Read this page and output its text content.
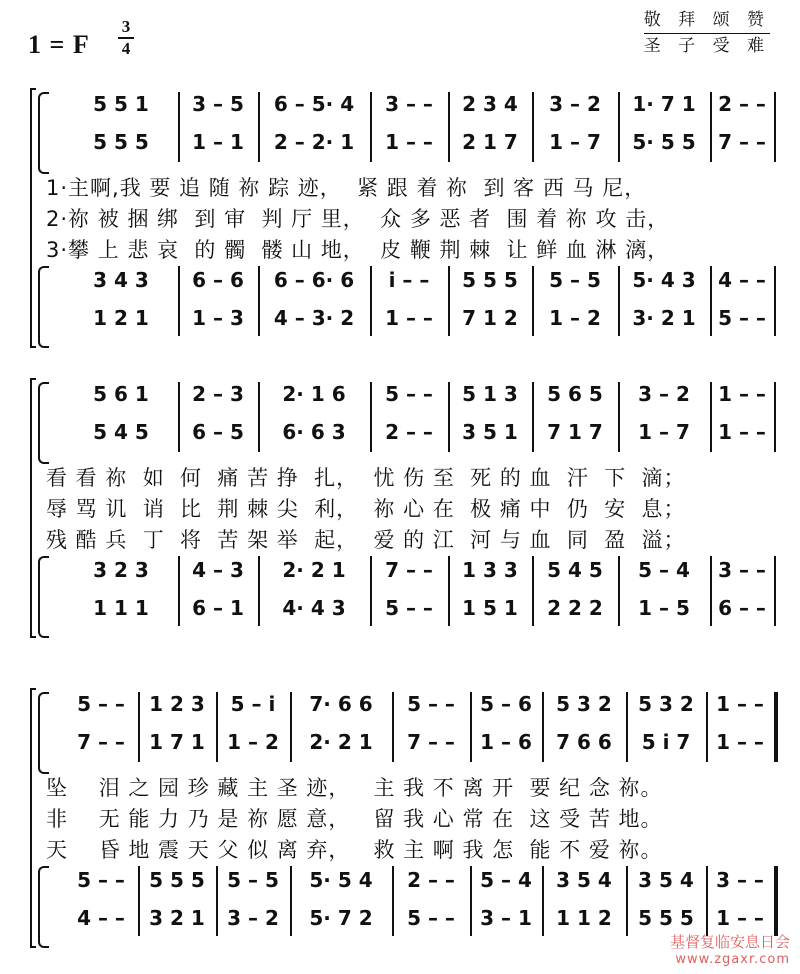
1 = F
3
4
敬 拜 颂 赞
圣 子 受 难
5 5 1	3 – 5	6 – 5· 4	3 – –	2 3 4	3 – 2	1· 7 1	2 – –
5 5 5	1 – 1	2 – 2· 1	1 – –	2 1 7	1 – 7	5· 5 5	7 – –
3 4 3	6 – 6	6 – 6· 6	i – –	5 5 5	5 – 5	5· 4 3	4 – –
1 2 1	1 – 3	4 – 3· 2	1 – –	7 1 2	1 – 2	3· 2 1	5 – –
1·主啊,我 要 追 随 祢 踪 迹，  紧 跟 着 祢  到 客 西 马 尼，
2·祢 被 捆 绑  到 审  判 厅 里，  众 多 恶 者  围 着 祢 攻 击，
3·攀 上 悲 哀  的 髑  髅 山 地，  皮 鞭 荆 棘  让 鲜 血 淋 漓，
5 6 1	2 – 3	2· 1 6	5 – –	5 1 3	5 6 5	3 – 2	1 – –
5 4 5	6 – 5	6· 6 3	2 – –	3 5 1	7 1 7	1 – 7	1 – –
3 2 3	4 – 3	2· 2 1	7 – –	1 3 3	5 4 5	5 – 4	3 – –
1 1 1	6 – 1	4· 4 3	5 – –	1 5 1	2 2 2	1 – 5	6 – –
看 看 祢  如  何  痛 苦 挣  扎，  忧 伤 至  死 的 血  汗  下  滴；
辱 骂 讥  诮  比  荆 棘 尖  利，  祢 心 在  极 痛 中  仍  安  息；
残 酷 兵  丁  将  苦 架 举  起，  爱 的 江  河 与 血  同  盈  溢；
5 – –	1 2 3	5 – i	7· 6 6	5 – –	5 – 6	5 3 2	5 3 2	1 – –
7 – –	1 7 1	1 – 2	2· 2 1	7 – –	1 – 6	7 6 6	5 i 7	1 – –
5 – –	5 5 5	5 – 5	5· 5 4	2 – –	5 – 4	3 5 4	3 5 4	3 – –
4 – –	3 2 1	3 – 2	5· 7 2	5 – –	3 – 1	1 1 2	5 5 5	1 – –
坠    泪 之 园 珍 藏 主 圣 迹，   主 我 不 离 开  要 纪 念 祢。
非    无 能 力 乃 是 祢 愿 意，   留 我 心 常 在  这 受 苦 地。
天    昏 地 震 天 父 似 离 弃，   救 主 啊 我 怎  能 不 爱 祢。
基督复临安息日会
www.zgaxr.com
